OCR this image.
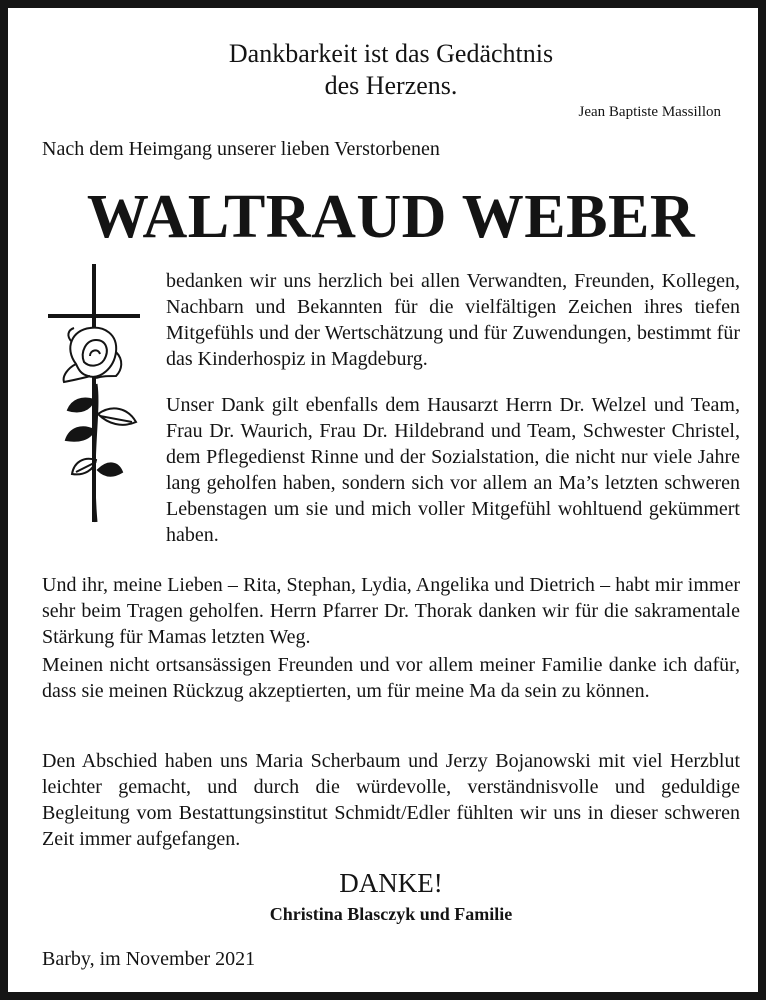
Dankbarkeit ist das Gedächtnis
des Herzens.
Jean Baptiste Massillon
Nach dem Heimgang unserer lieben Verstorbenen
WALTRAUD WEBER

bedanken wir uns herzlich bei allen Verwandten, Freunden, Kollegen, Nachbarn und Bekannten für die vielfältigen Zeichen ihres tiefen Mitgefühls und der Wertschätzung und für Zuwendungen, bestimmt für das Kinderhospiz in Magdeburg.

Unser Dank gilt ebenfalls dem Hausarzt Herrn Dr. Welzel und Team, Frau Dr. Waurich, Frau Dr. Hildebrand und Team, Schwester Christel, dem Pflegedienst Rinne und der Sozialstation, die nicht nur viele Jahre lang geholfen haben, sondern sich vor allem an Ma’s letzten schweren Lebenstagen um sie und mich voller Mitgefühl wohltuend gekümmert haben.

Und ihr, meine Lieben – Rita, Stephan, Lydia, Angelika und Dietrich – habt mir immer sehr beim Tragen geholfen. Herrn Pfarrer Dr. Thorak danken wir für die sakramentale Stärkung für Mamas letzten Weg.

Meinen nicht ortsansässigen Freunden und vor allem meiner Familie danke ich dafür, dass sie meinen Rückzug akzeptierten, um für meine Ma da sein zu können.

Den Abschied haben uns Maria Scherbaum und Jerzy Bojanowski mit viel Herzblut leichter gemacht, und durch die würdevolle, verständnisvolle und geduldige Begleitung vom Bestattungsinstitut Schmidt/Edler fühlten wir uns in dieser schweren Zeit immer aufgefangen.

DANKE!
Christina Blasczyk und Familie
Barby, im November 2021
